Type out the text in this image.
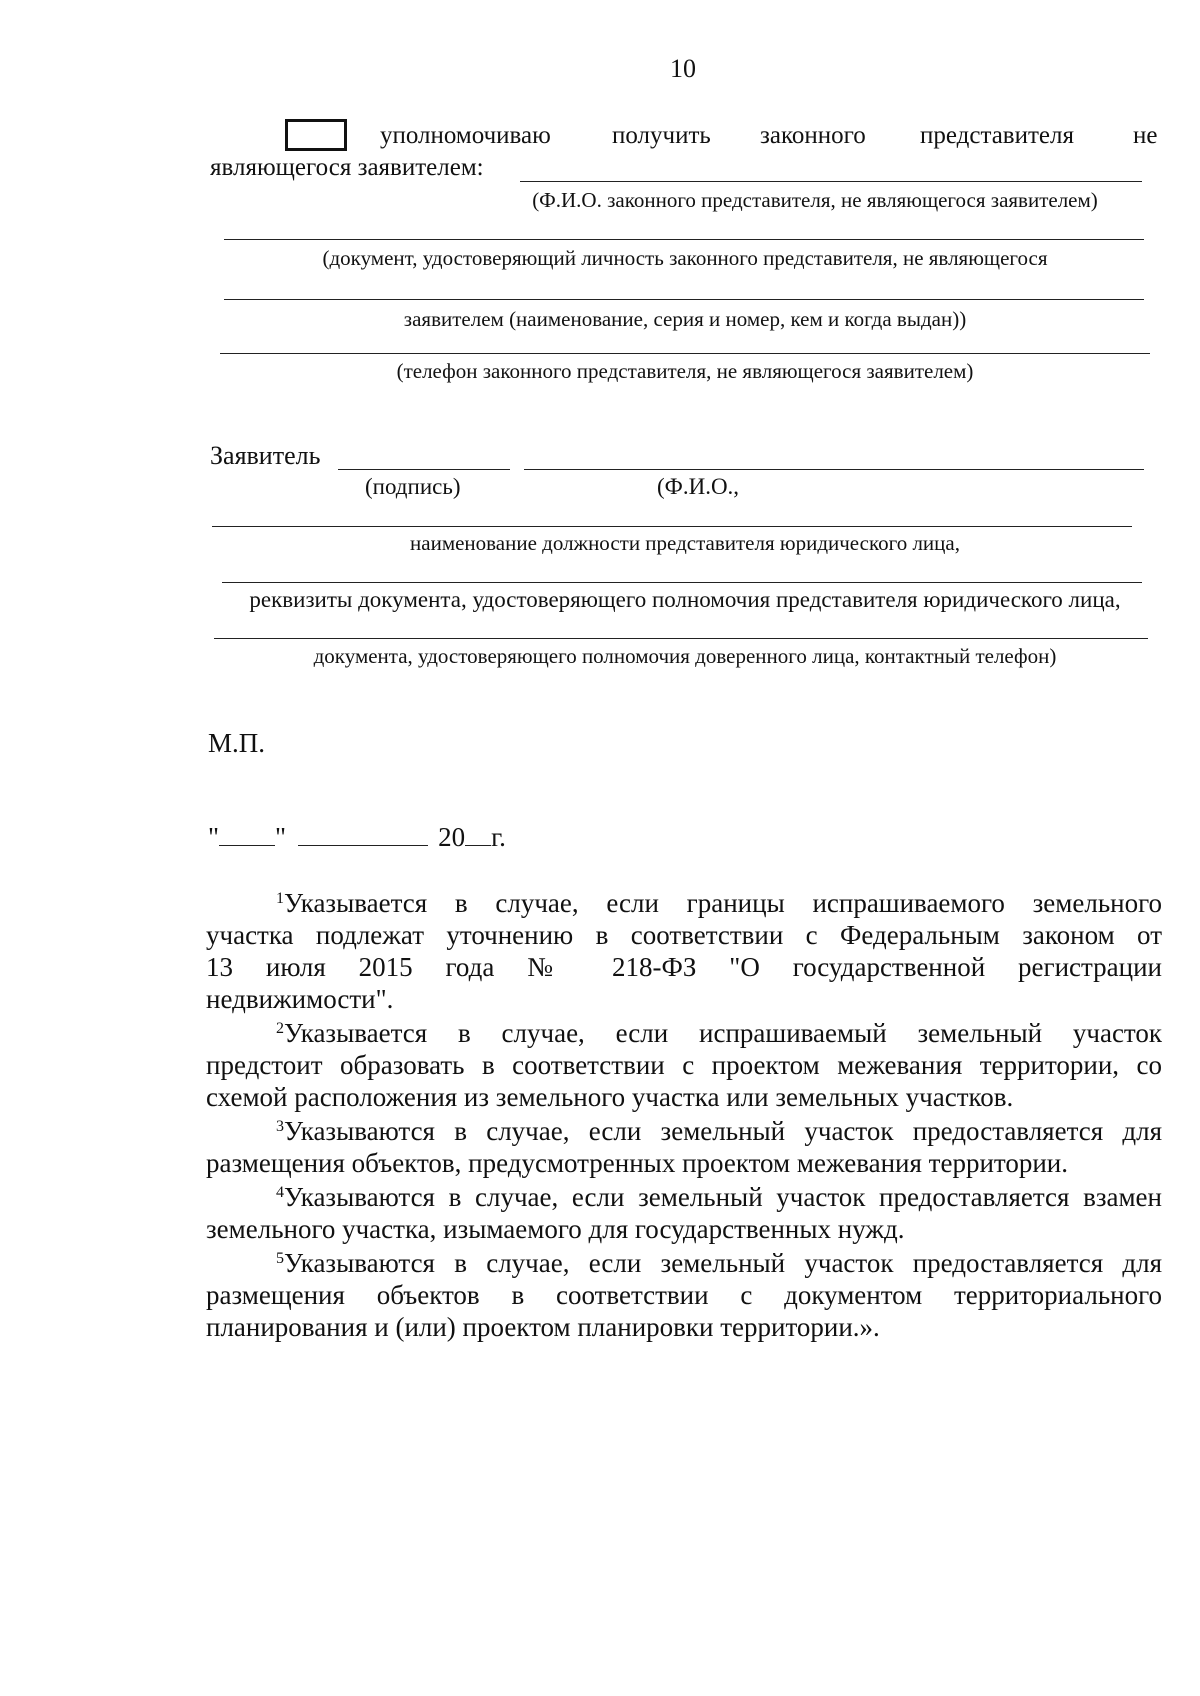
10
уполномочиваю получить законного представителя не
являющегося заявителем:
(Ф.И.О. законного представителя, не являющегося заявителем)
(документ, удостоверяющий личность законного представителя, не являющегося
заявителем (наименование, серия и номер, кем и когда выдан))
(телефон законного представителя, не являющегося заявителем)
Заявитель
(подпись)	(Ф.И.О.,
наименование должности представителя юридического лица,
реквизиты документа, удостоверяющего полномочия представителя юридического лица,
документа, удостоверяющего полномочия доверенного лица, контактный телефон)
М.П.
" "	20 г.
$^1$Указывается в случае, если границы испрашиваемого земельного
участка подлежат уточнению в соответствии с Федеральным законом от
13 июля 2015 года № 218-ФЗ "О государственной регистрации
недвижимости".
$^2$Указывается в случае, если испрашиваемый земельный участок
предстоит образовать в соответствии с проектом межевания территории, со
схемой расположения из земельного участка или земельных участков.
$^3$Указываются в случае, если земельный участок предоставляется для
размещения объектов, предусмотренных проектом межевания территории.
$^4$Указываются в случае, если земельный участок предоставляется взамен
земельного участка, изымаемого для государственных нужд.
$^5$Указываются в случае, если земельный участок предоставляется для
размещения объектов в соответствии с документом территориального
планирования и (или) проектом планировки территории.».
